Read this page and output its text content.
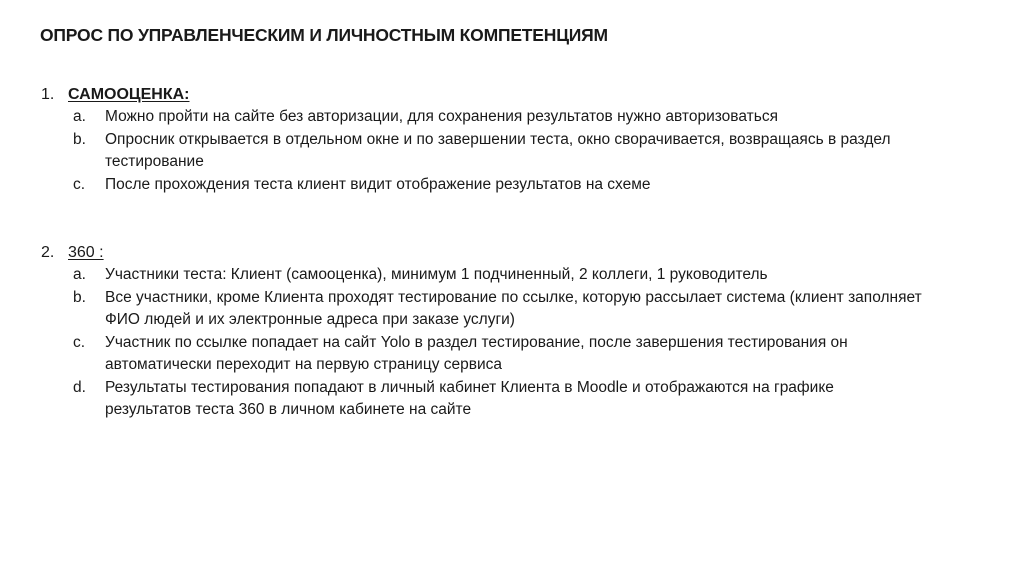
ОПРОС ПО УПРАВЛЕНЧЕСКИМ И ЛИЧНОСТНЫМ КОМПЕТЕНЦИЯМ
1. САМООЦЕНКА:
a. Можно пройти на сайте без авторизации, для сохранения результатов нужно авторизоваться
b. Опросник открывается в отдельном окне и по завершении теста, окно сворачивается, возвращаясь в раздел тестирование
c. После прохождения теста клиент видит отображение результатов на схеме
2. 360 :
a. Участники теста: Клиент (самооценка), минимум 1 подчиненный, 2 коллеги, 1 руководитель
b. Все участники, кроме Клиента проходят тестирование по ссылке, которую рассылает система (клиент заполняет ФИО людей и их электронные адреса при заказе услуги)
c. Участник по ссылке попадает на сайт Yolo в раздел тестирование, после завершения тестирования он автоматически переходит на первую страницу сервиса
d. Результаты тестирования попадают в личный кабинет Клиента в Moodle и отображаются на графике результатов теста 360 в личном кабинете на сайте
